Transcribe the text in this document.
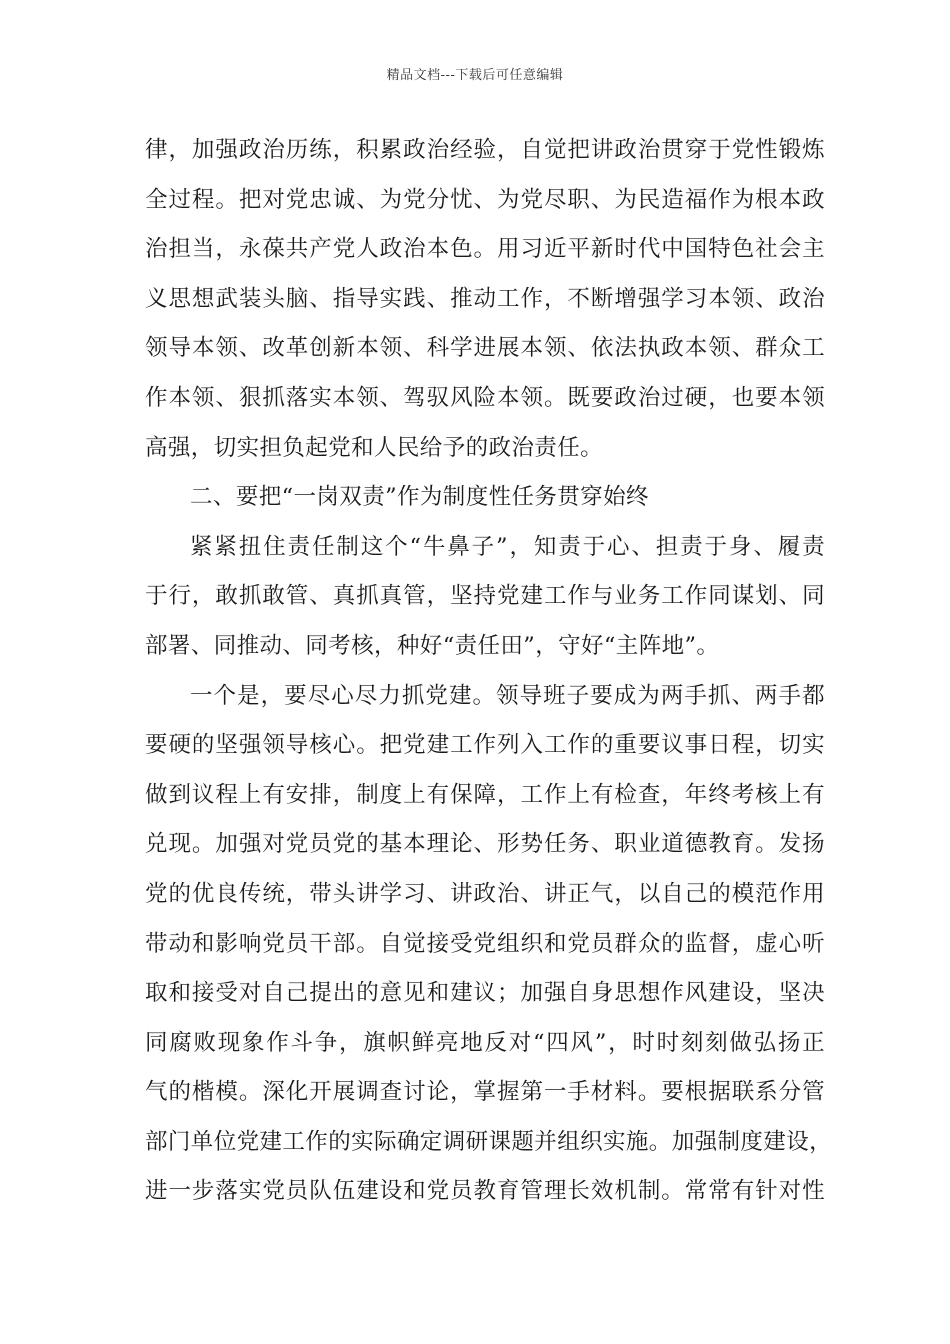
精品文档---下载后可任意编辑
律，加强政治历练，积累政治经验，自觉把讲政治贯穿于党性锻炼
全过程。把对党忠诚、为党分忧、为党尽职、为民造福作为根本政
治担当，永葆共产党人政治本色。用习近平新时代中国特色社会主
义思想武装头脑、指导实践、推动工作，不断增强学习本领、政治
领导本领、改革创新本领、科学进展本领、依法执政本领、群众工
作本领、狠抓落实本领、驾驭风险本领。既要政治过硬，也要本领
高强，切实担负起党和人民给予的政治责任。
二、要把“一岗双责”作为制度性任务贯穿始终
紧紧扭住责任制这个“牛鼻子”，知责于心、担责于身、履责
于行，敢抓敢管、真抓真管，坚持党建工作与业务工作同谋划、同
部署、同推动、同考核，种好“责任田”，守好“主阵地”。
一个是，要尽心尽力抓党建。领导班子要成为两手抓、两手都
要硬的坚强领导核心。把党建工作列入工作的重要议事日程，切实
做到议程上有安排，制度上有保障，工作上有检查，年终考核上有
兑现。加强对党员党的基本理论、形势任务、职业道德教育。发扬
党的优良传统，带头讲学习、讲政治、讲正气，以自己的模范作用
带动和影响党员干部。自觉接受党组织和党员群众的监督，虚心听
取和接受对自己提出的意见和建议；加强自身思想作风建设，坚决
同腐败现象作斗争，旗帜鲜亮地反对“四风”，时时刻刻做弘扬正
气的楷模。深化开展调查讨论，掌握第一手材料。要根据联系分管
部门单位党建工作的实际确定调研课题并组织实施。加强制度建设，
进一步落实党员队伍建设和党员教育管理长效机制。常常有针对性
